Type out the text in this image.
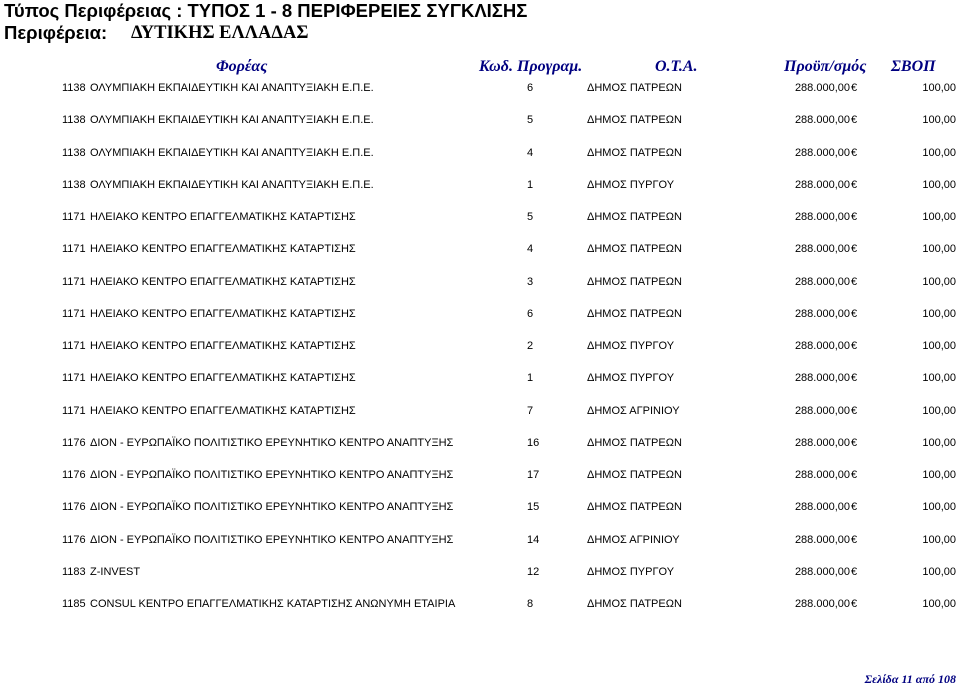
Τύπος Περιφέρειας : ΤΥΠΟΣ 1 - 8 ΠΕΡΙΦΕΡΕΙΕΣ ΣΥΓΚΛΙΣΗΣ
Περιφέρεια: ΔΥΤΙΚΗΣ ΕΛΛΑΔΑΣ
Φορέας	Κωδ. Προγραμ.	Ο.Τ.Α.	Προϋπ/σμός ΣΒΟΠ
1138 ΟΛΥΜΠΙΑΚΗ ΕΚΠΑΙΔΕΥΤΙΚΗ ΚΑΙ ΑΝΑΠΤΥΞΙΑΚΗ Ε.Π.Ε.	6	ΔΗΜΟΣ ΠΑΤΡΕΩΝ	288.000,00 €	100,00
1138 ΟΛΥΜΠΙΑΚΗ ΕΚΠΑΙΔΕΥΤΙΚΗ ΚΑΙ ΑΝΑΠΤΥΞΙΑΚΗ Ε.Π.Ε.	5	ΔΗΜΟΣ ΠΑΤΡΕΩΝ	288.000,00 €	100,00
1138 ΟΛΥΜΠΙΑΚΗ ΕΚΠΑΙΔΕΥΤΙΚΗ ΚΑΙ ΑΝΑΠΤΥΞΙΑΚΗ Ε.Π.Ε.	4	ΔΗΜΟΣ ΠΑΤΡΕΩΝ	288.000,00 €	100,00
1138 ΟΛΥΜΠΙΑΚΗ ΕΚΠΑΙΔΕΥΤΙΚΗ ΚΑΙ ΑΝΑΠΤΥΞΙΑΚΗ Ε.Π.Ε.	1	ΔΗΜΟΣ ΠΥΡΓΟΥ	288.000,00 €	100,00
1171 ΗΛΕΙΑΚΟ ΚΕΝΤΡΟ ΕΠΑΓΓΕΛΜΑΤΙΚΗΣ ΚΑΤΑΡΤΙΣΗΣ	5	ΔΗΜΟΣ ΠΑΤΡΕΩΝ	288.000,00 €	100,00
1171 ΗΛΕΙΑΚΟ ΚΕΝΤΡΟ ΕΠΑΓΓΕΛΜΑΤΙΚΗΣ ΚΑΤΑΡΤΙΣΗΣ	4	ΔΗΜΟΣ ΠΑΤΡΕΩΝ	288.000,00 €	100,00
1171 ΗΛΕΙΑΚΟ ΚΕΝΤΡΟ ΕΠΑΓΓΕΛΜΑΤΙΚΗΣ ΚΑΤΑΡΤΙΣΗΣ	3	ΔΗΜΟΣ ΠΑΤΡΕΩΝ	288.000,00 €	100,00
1171 ΗΛΕΙΑΚΟ ΚΕΝΤΡΟ ΕΠΑΓΓΕΛΜΑΤΙΚΗΣ ΚΑΤΑΡΤΙΣΗΣ	6	ΔΗΜΟΣ ΠΑΤΡΕΩΝ	288.000,00 €	100,00
1171 ΗΛΕΙΑΚΟ ΚΕΝΤΡΟ ΕΠΑΓΓΕΛΜΑΤΙΚΗΣ ΚΑΤΑΡΤΙΣΗΣ	2	ΔΗΜΟΣ ΠΥΡΓΟΥ	288.000,00 €	100,00
1171 ΗΛΕΙΑΚΟ ΚΕΝΤΡΟ ΕΠΑΓΓΕΛΜΑΤΙΚΗΣ ΚΑΤΑΡΤΙΣΗΣ	1	ΔΗΜΟΣ ΠΥΡΓΟΥ	288.000,00 €	100,00
1171 ΗΛΕΙΑΚΟ ΚΕΝΤΡΟ ΕΠΑΓΓΕΛΜΑΤΙΚΗΣ ΚΑΤΑΡΤΙΣΗΣ	7	ΔΗΜΟΣ ΑΓΡΙΝΙΟΥ	288.000,00 €	100,00
1176 ΔΙΟΝ - ΕΥΡΩΠΑΪΚΟ ΠΟΛΙΤΙΣΤΙΚΟ ΕΡΕΥΝΗΤΙΚΟ ΚΕΝΤΡΟ ΑΝΑΠΤΥΞΗΣ	16	ΔΗΜΟΣ ΠΑΤΡΕΩΝ	288.000,00 €	100,00
1176 ΔΙΟΝ - ΕΥΡΩΠΑΪΚΟ ΠΟΛΙΤΙΣΤΙΚΟ ΕΡΕΥΝΗΤΙΚΟ ΚΕΝΤΡΟ ΑΝΑΠΤΥΞΗΣ	17	ΔΗΜΟΣ ΠΑΤΡΕΩΝ	288.000,00 €	100,00
1176 ΔΙΟΝ - ΕΥΡΩΠΑΪΚΟ ΠΟΛΙΤΙΣΤΙΚΟ ΕΡΕΥΝΗΤΙΚΟ ΚΕΝΤΡΟ ΑΝΑΠΤΥΞΗΣ	15	ΔΗΜΟΣ ΠΑΤΡΕΩΝ	288.000,00 €	100,00
1176 ΔΙΟΝ - ΕΥΡΩΠΑΪΚΟ ΠΟΛΙΤΙΣΤΙΚΟ ΕΡΕΥΝΗΤΙΚΟ ΚΕΝΤΡΟ ΑΝΑΠΤΥΞΗΣ	14	ΔΗΜΟΣ ΑΓΡΙΝΙΟΥ	288.000,00 €	100,00
1183 Z-INVEST	12	ΔΗΜΟΣ ΠΥΡΓΟΥ	288.000,00 €	100,00
1185 CONSUL ΚΕΝΤΡΟ ΕΠΑΓΓΕΛΜΑΤΙΚΗΣ ΚΑΤΑΡΤΙΣΗΣ ΑΝΩΝΥΜΗ ΕΤΑΙΡΙΑ	8	ΔΗΜΟΣ ΠΑΤΡΕΩΝ	288.000,00 €	100,00
Σελίδα 11 από 108
